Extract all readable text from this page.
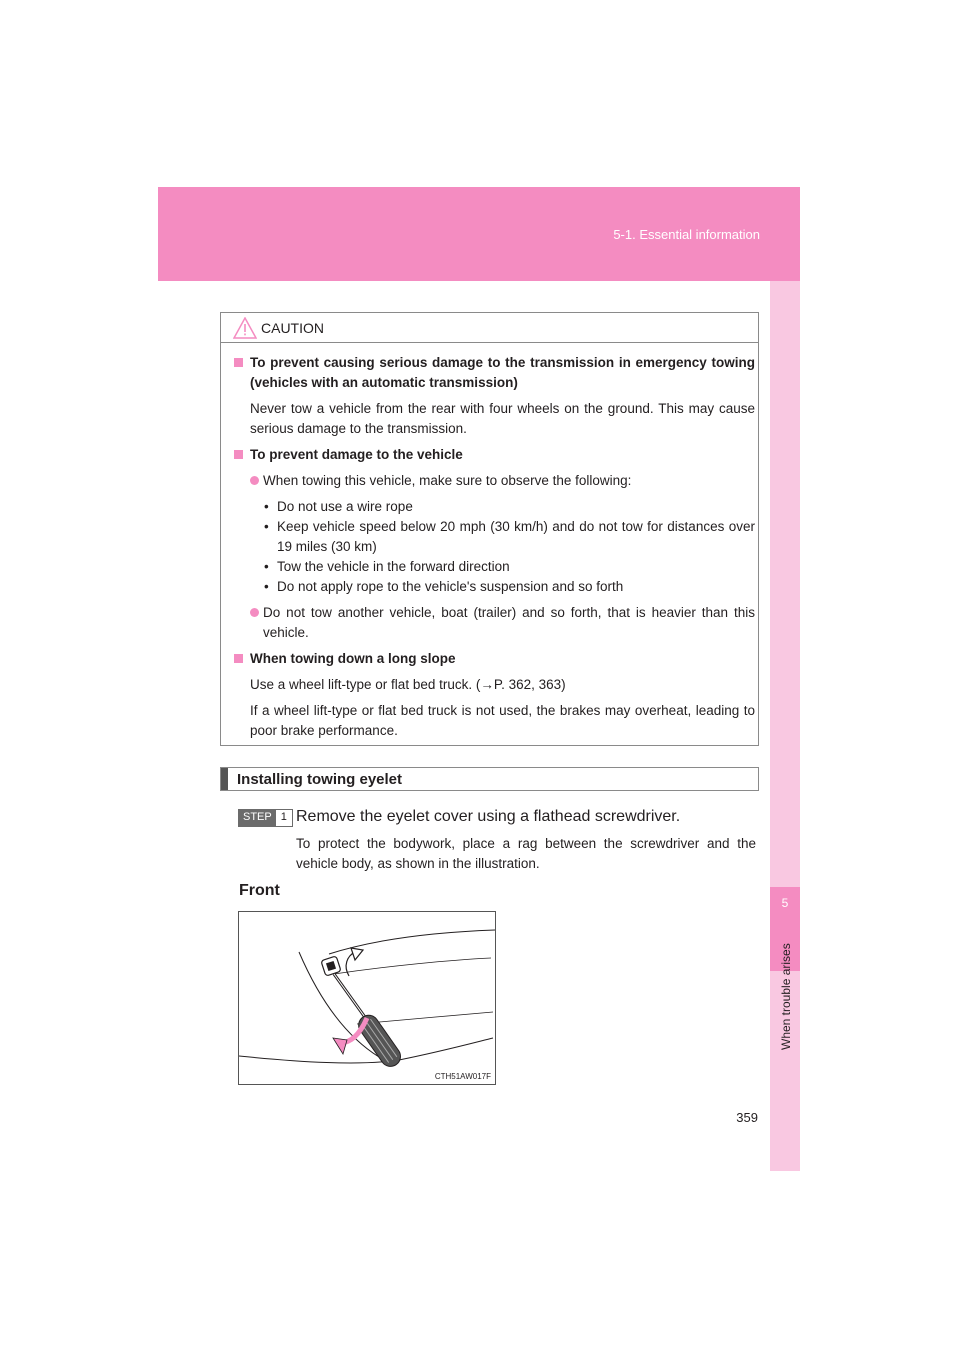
5-1. Essential information
5
When trouble arises
CAUTION
To prevent causing serious damage to the transmission in emergency towing (vehicles with an automatic transmission)
Never tow a vehicle from the rear with four wheels on the ground. This may cause serious damage to the transmission.
To prevent damage to the vehicle
When towing this vehicle, make sure to observe the following:
• Do not use a wire rope
• Keep vehicle speed below 20 mph (30 km/h) and do not tow for distances over 19 miles (30 km)
• Tow the vehicle in the forward direction
• Do not apply rope to the vehicle's suspension and so forth
Do not tow another vehicle, boat (trailer) and so forth, that is heavier than this vehicle.
When towing down a long slope
Use a wheel lift-type or flat bed truck. (→P. 362, 363)
If a wheel lift-type or flat bed truck is not used, the brakes may overheat, leading to poor brake performance.
Installing towing eyelet
STEP 1 Remove the eyelet cover using a flathead screwdriver.
To protect the bodywork, place a rag between the screwdriver and the vehicle body, as shown in the illustration.
Front
CTH51AW017F
359
